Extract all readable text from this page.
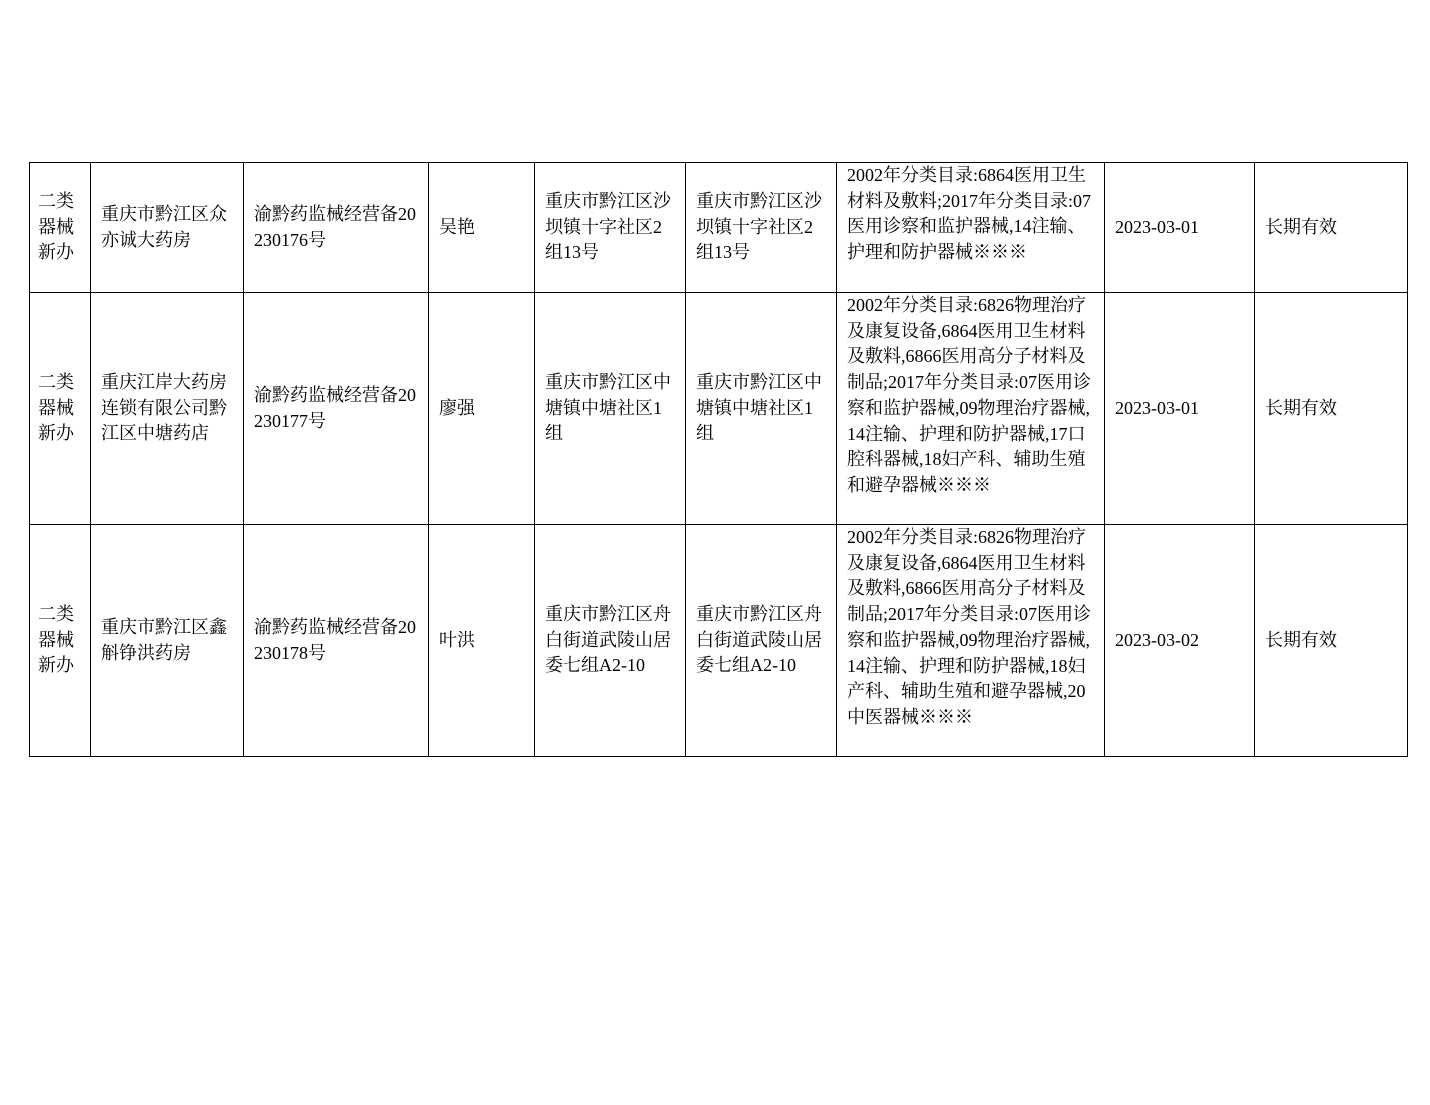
二类器械新办	重庆市黔江区众亦诚大药房	渝黔药监械经营备20230176号	吴艳	重庆市黔江区沙坝镇十字社区2组13号	重庆市黔江区沙坝镇十字社区2组13号	2002年分类目录:6864医用卫生材料及敷料;2017年分类目录:07医用诊察和监护器械,14注输、护理和防护器械※※※	2023-03-01	长期有效
二类器械新办	重庆江岸大药房连锁有限公司黔江区中塘药店	渝黔药监械经营备20230177号	廖强	重庆市黔江区中塘镇中塘社区1组	重庆市黔江区中塘镇中塘社区1组	2002年分类目录:6826物理治疗及康复设备,6864医用卫生材料及敷料,6866医用高分子材料及制品;2017年分类目录:07医用诊察和监护器械,09物理治疗器械,14注输、护理和防护器械,17口腔科器械,18妇产科、辅助生殖和避孕器械※※※	2023-03-01	长期有效
二类器械新办	重庆市黔江区鑫斛铮洪药房	渝黔药监械经营备20230178号	叶洪	重庆市黔江区舟白街道武陵山居委七组A2-10	重庆市黔江区舟白街道武陵山居委七组A2-10	2002年分类目录:6826物理治疗及康复设备,6864医用卫生材料及敷料,6866医用高分子材料及制品;2017年分类目录:07医用诊察和监护器械,09物理治疗器械,14注输、护理和防护器械,18妇产科、辅助生殖和避孕器械,20中医器械※※※	2023-03-02	长期有效
